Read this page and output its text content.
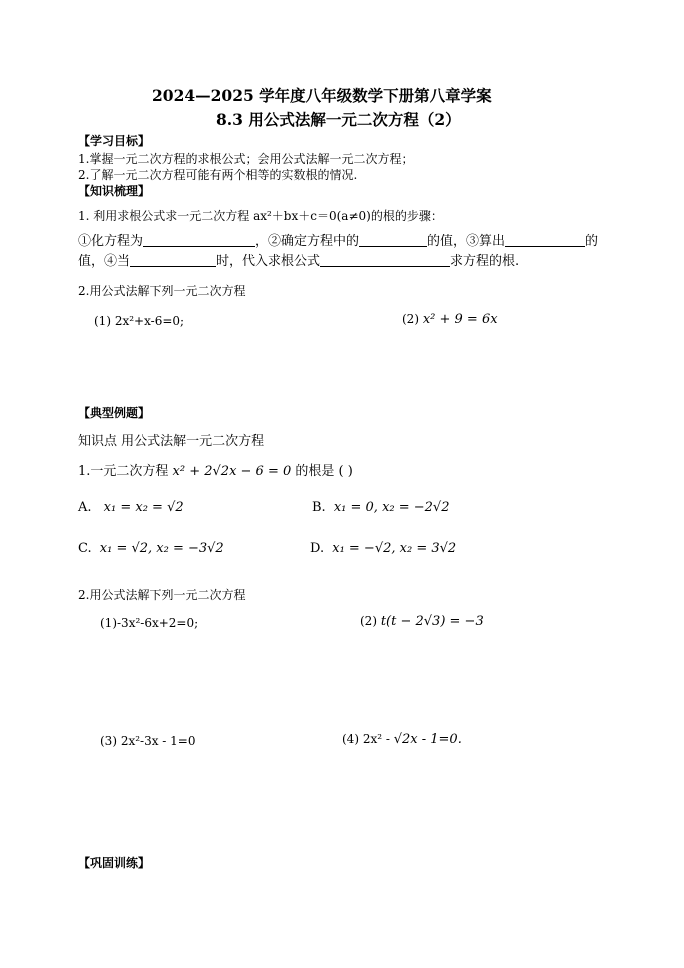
2024—2025 学年度八年级数学下册第八章学案
8.3 用公式法解一元二次方程（2）
【学习目标】
1.掌握一元二次方程的求根公式；会用公式法解一元二次方程；
2.了解一元二次方程可能有两个相等的实数根的情况.
【知识梳理】
1. 利用求根公式求一元二次方程 ax²＋bx＋c＝0(a≠0)的根的步骤：
①化方程为	，②确定方程中的	的值，③算出	的
值，④当	时，代入求根公式	求方程的根.
2.用公式法解下列一元二次方程
(1) 2x²+x-6=0;	(2) x² + 9 = 6x
【典型例题】
知识点 用公式法解一元二次方程
1.一元二次方程 x² + 2√2x − 6 = 0 的根是 ( )
A. x₁ = x₂ = √2	B. x₁ = 0, x₂ = −2√2
C. x₁ = √2, x₂ = −3√2	D. x₁ = −√2, x₂ = 3√2
2.用公式法解下列一元二次方程
(1)-3x²-6x+2=0;	(2) t(t − 2√3) = −3
(3) 2x²-3x - 1=0	(4) 2x² - √2x - 1=0.
【巩固训练】
